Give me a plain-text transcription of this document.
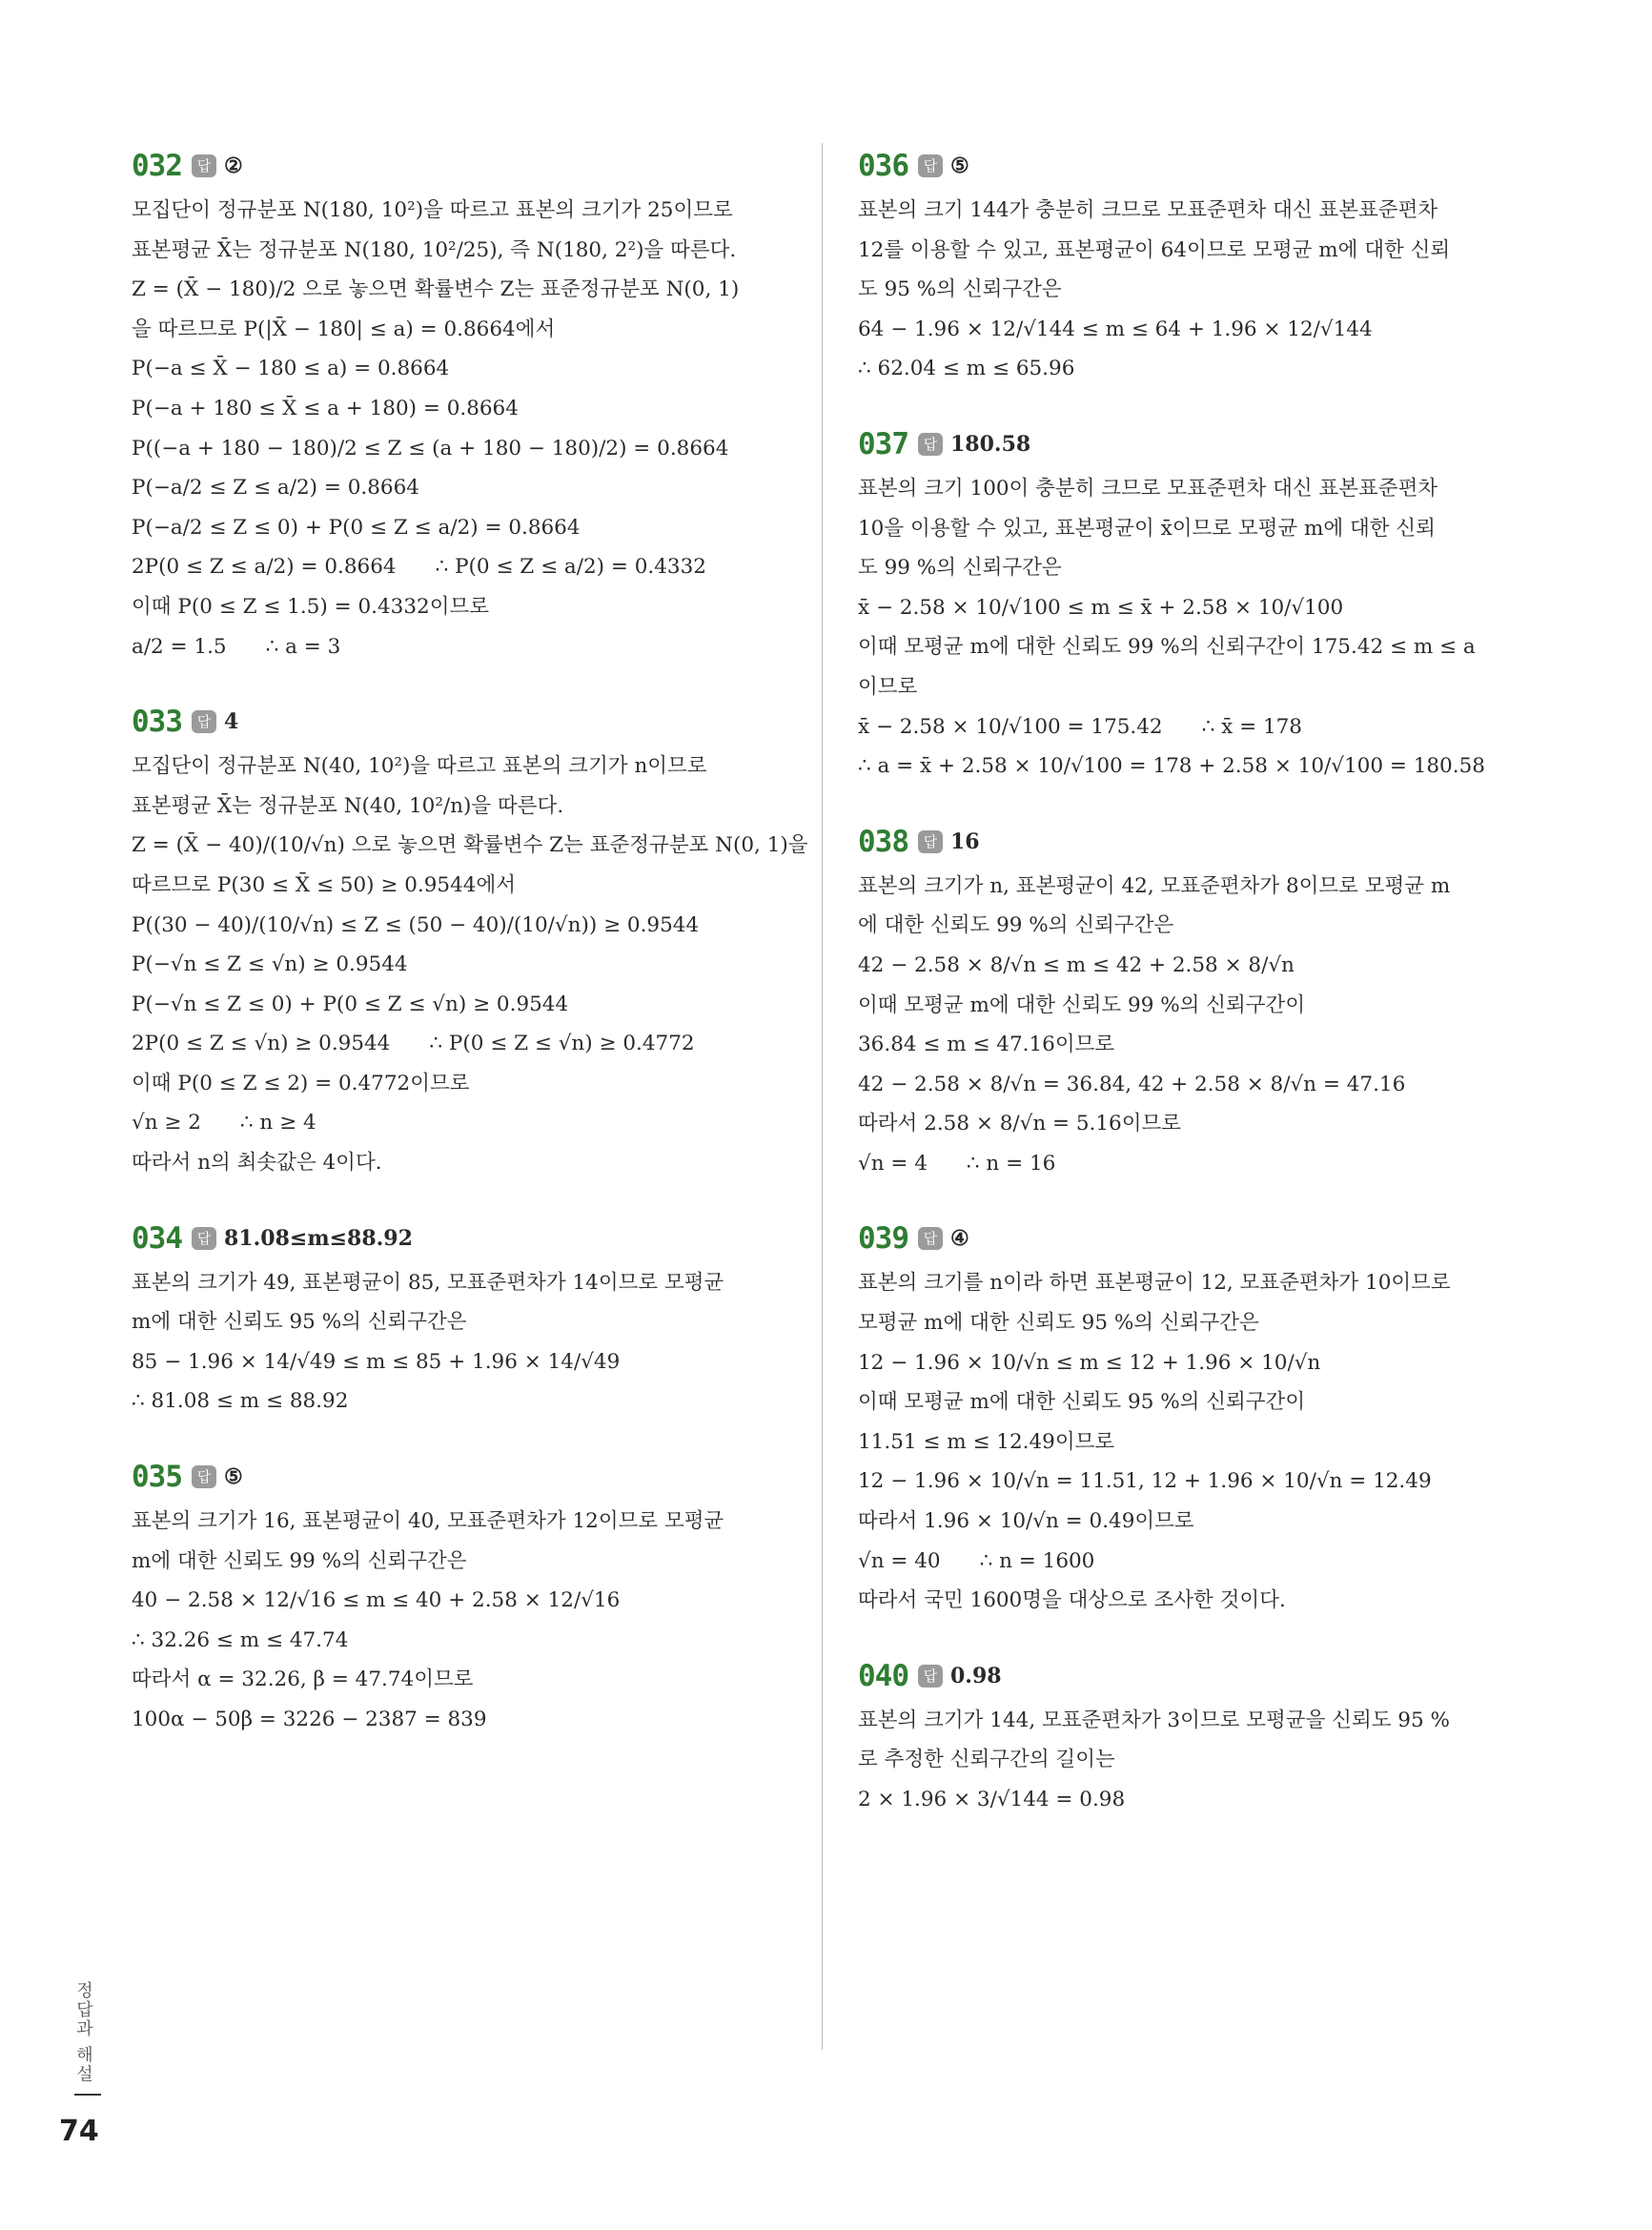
032	답 ②
모집단이 정규분포 N(180, 10²)을 따르고 표본의 크기가 25이므로
표본평균 X̄는 정규분포 N(180, 10²/25), 즉 N(180, 2²)을 따른다.
Z = (X̄ − 180)/2 으로 놓으면 확률변수 Z는 표준정규분포 N(0, 1)
을 따르므로 P(|X̄ − 180| ≤ a) = 0.8664에서
P(−a ≤ X̄ − 180 ≤ a) = 0.8664
P(−a + 180 ≤ X̄ ≤ a + 180) = 0.8664
P((−a + 180 − 180)/2 ≤ Z ≤ (a + 180 − 180)/2) = 0.8664
P(−a/2 ≤ Z ≤ a/2) = 0.8664
P(−a/2 ≤ Z ≤ 0) + P(0 ≤ Z ≤ a/2) = 0.8664
2P(0 ≤ Z ≤ a/2) = 0.8664      ∴ P(0 ≤ Z ≤ a/2) = 0.4332
이때 P(0 ≤ Z ≤ 1.5) = 0.4332이므로
a/2 = 1.5      ∴ a = 3
033	답 4
모집단이 정규분포 N(40, 10²)을 따르고 표본의 크기가 n이므로
표본평균 X̄는 정규분포 N(40, 10²/n)을 따른다.
Z = (X̄ − 40)/(10/√n) 으로 놓으면 확률변수 Z는 표준정규분포 N(0, 1)을
따르므로 P(30 ≤ X̄ ≤ 50) ≥ 0.9544에서
P((30 − 40)/(10/√n) ≤ Z ≤ (50 − 40)/(10/√n)) ≥ 0.9544
P(−√n ≤ Z ≤ √n) ≥ 0.9544
P(−√n ≤ Z ≤ 0) + P(0 ≤ Z ≤ √n) ≥ 0.9544
2P(0 ≤ Z ≤ √n) ≥ 0.9544      ∴ P(0 ≤ Z ≤ √n) ≥ 0.4772
이때 P(0 ≤ Z ≤ 2) = 0.4772이므로
√n ≥ 2      ∴ n ≥ 4
따라서 n의 최솟값은 4이다.
034	답 81.08≤m≤88.92
표본의 크기가 49, 표본평균이 85, 모표준편차가 14이므로 모평균
m에 대한 신뢰도 95 %의 신뢰구간은
85 − 1.96 × 14/√49 ≤ m ≤ 85 + 1.96 × 14/√49
∴ 81.08 ≤ m ≤ 88.92
035	답 ⑤
표본의 크기가 16, 표본평균이 40, 모표준편차가 12이므로 모평균
m에 대한 신뢰도 99 %의 신뢰구간은
40 − 2.58 × 12/√16 ≤ m ≤ 40 + 2.58 × 12/√16
∴ 32.26 ≤ m ≤ 47.74
따라서 α = 32.26, β = 47.74이므로
100α − 50β = 3226 − 2387 = 839
036	답 ⑤
표본의 크기 144가 충분히 크므로 모표준편차 대신 표본표준편차
12를 이용할 수 있고, 표본평균이 64이므로 모평균 m에 대한 신뢰
도 95 %의 신뢰구간은
64 − 1.96 × 12/√144 ≤ m ≤ 64 + 1.96 × 12/√144
∴ 62.04 ≤ m ≤ 65.96
037	답 180.58
표본의 크기 100이 충분히 크므로 모표준편차 대신 표본표준편차
10을 이용할 수 있고, 표본평균이 x̄이므로 모평균 m에 대한 신뢰
도 99 %의 신뢰구간은
x̄ − 2.58 × 10/√100 ≤ m ≤ x̄ + 2.58 × 10/√100
이때 모평균 m에 대한 신뢰도 99 %의 신뢰구간이 175.42 ≤ m ≤ a
이므로
x̄ − 2.58 × 10/√100 = 175.42      ∴ x̄ = 178
∴ a = x̄ + 2.58 × 10/√100 = 178 + 2.58 × 10/√100 = 180.58
038	답 16
표본의 크기가 n, 표본평균이 42, 모표준편차가 8이므로 모평균 m
에 대한 신뢰도 99 %의 신뢰구간은
42 − 2.58 × 8/√n ≤ m ≤ 42 + 2.58 × 8/√n
이때 모평균 m에 대한 신뢰도 99 %의 신뢰구간이
36.84 ≤ m ≤ 47.16이므로
42 − 2.58 × 8/√n = 36.84, 42 + 2.58 × 8/√n = 47.16
따라서 2.58 × 8/√n = 5.16이므로
√n = 4      ∴ n = 16
039	답 ④
표본의 크기를 n이라 하면 표본평균이 12, 모표준편차가 10이므로
모평균 m에 대한 신뢰도 95 %의 신뢰구간은
12 − 1.96 × 10/√n ≤ m ≤ 12 + 1.96 × 10/√n
이때 모평균 m에 대한 신뢰도 95 %의 신뢰구간이
11.51 ≤ m ≤ 12.49이므로
12 − 1.96 × 10/√n = 11.51, 12 + 1.96 × 10/√n = 12.49
따라서 1.96 × 10/√n = 0.49이므로
√n = 40      ∴ n = 1600
따라서 국민 1600명을 대상으로 조사한 것이다.
040	답 0.98
표본의 크기가 144, 모표준편차가 3이므로 모평균을 신뢰도 95 %
로 추정한 신뢰구간의 길이는
2 × 1.96 × 3/√144 = 0.98
정답과 해설
74
